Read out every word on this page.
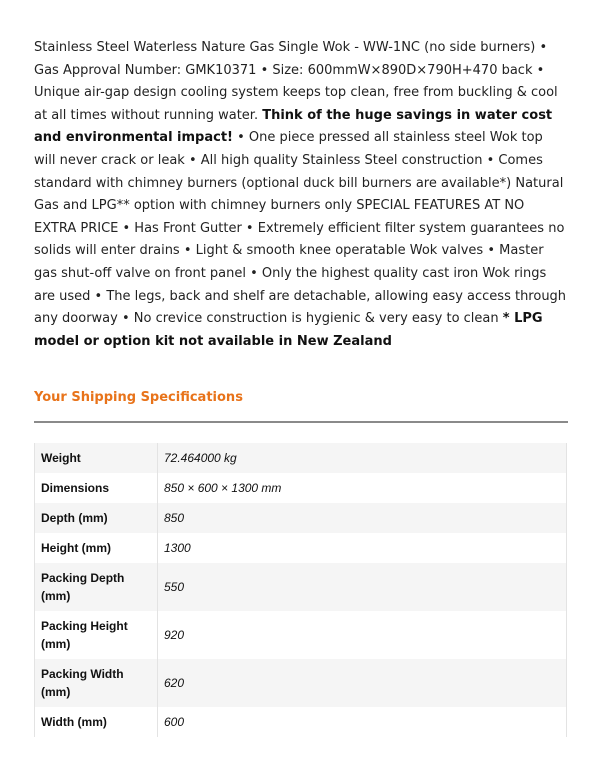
Stainless Steel Waterless Nature Gas Single Wok - WW-1NC (no side burners) • Gas Approval Number: GMK10371 • Size: 600mmW×890D×790H+470 back • Unique air-gap design cooling system keeps top clean, free from buckling & cool at all times without running water. Think of the huge savings in water cost and environmental impact! • One piece pressed all stainless steel Wok top will never crack or leak • All high quality Stainless Steel construction • Comes standard with chimney burners (optional duck bill burners are available*) Natural Gas and LPG** option with chimney burners only SPECIAL FEATURES AT NO EXTRA PRICE • Has Front Gutter • Extremely efficient filter system guarantees no solids will enter drains • Light & smooth knee operatable Wok valves • Master gas shut-off valve on front panel • Only the highest quality cast iron Wok rings are used • The legs, back and shelf are detachable, allowing easy access through any doorway • No crevice construction is hygienic & very easy to clean * LPG model or option kit not available in New Zealand

Your Shipping Specifications
Weight	72.464000 kg
Dimensions	850 × 600 × 1300 mm
Depth (mm)	850
Height (mm)	1300
Packing Depth (mm)	550
Packing Height (mm)	920
Packing Width (mm)	620
Width (mm)	600
